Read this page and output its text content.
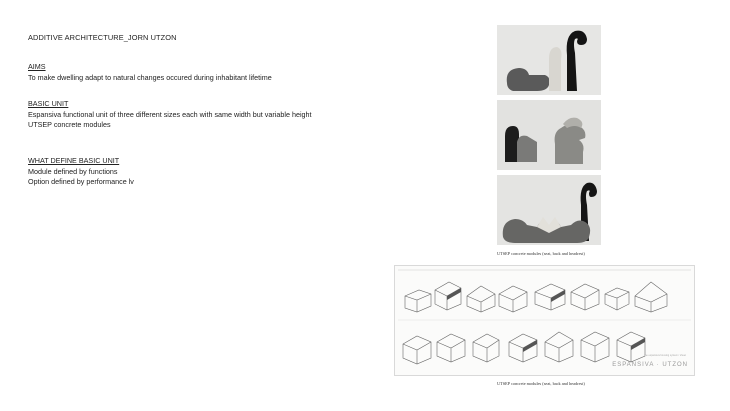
ADDITIVE ARCHITECTURE_JORN UTZON
AIMS
To make dwelling adapt to natural changes occured during inhabitant lifetime
BASIC UNIT
Espansiva functional unit of three different sizes each with same width but variable height
UTSEP concrete modules
WHAT DEFINE BASIC UNIT
Module defined by functions
Option defined by performance lv
UTSEP concrete modules (seat, back and headrest)
the espansiva housing system / sheet
ESPANSIVA · UTZON
UTSEP concrete modules (seat, back and headrest)
